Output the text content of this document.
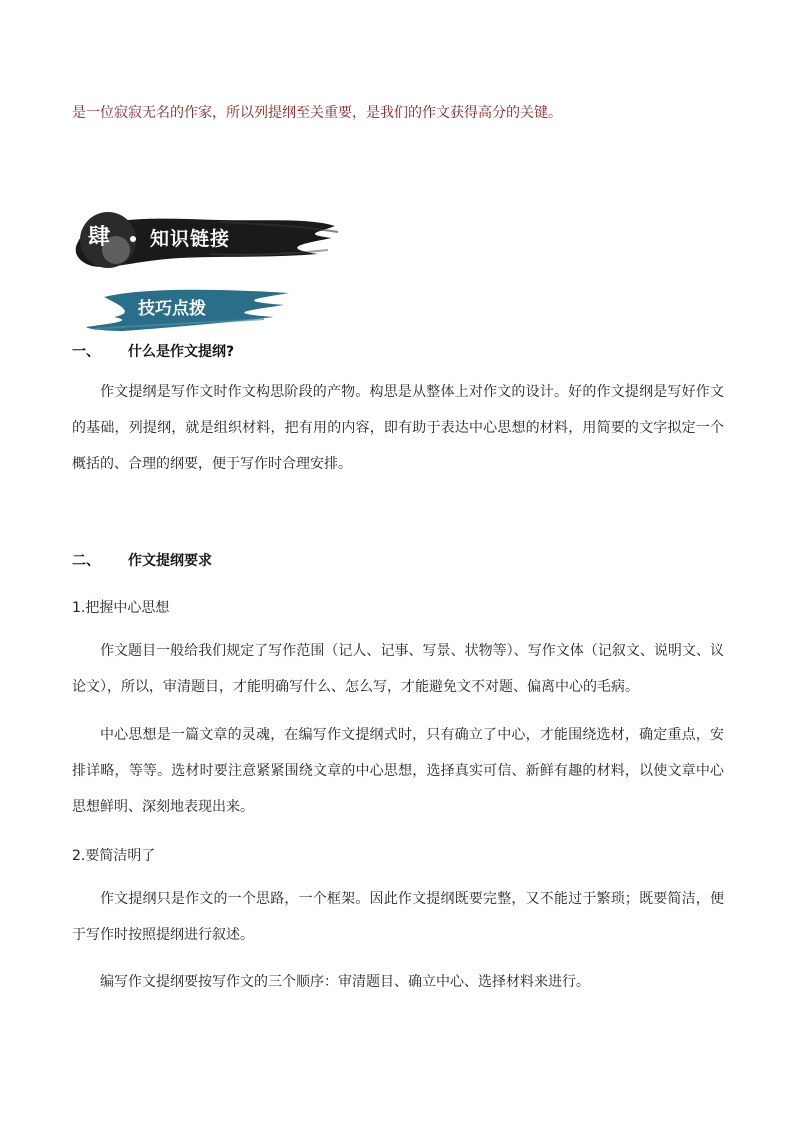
是一位寂寂无名的作家，所以列提纲至关重要，是我们的作文获得高分的关键。
肆 知识链接
技巧点拨
一、 什么是作文提纲?
作文提纲是写作文时作文构思阶段的产物。构思是从整体上对作文的设计。好的作文提纲是写好作文的基础，列提纲，就是组织材料，把有用的内容，即有助于表达中心思想的材料，用简要的文字拟定一个概括的、合理的纲要，便于写作时合理安排。
二、 作文提纲要求
1.把握中心思想
作文题目一般给我们规定了写作范围（记人、记事、写景、状物等）、写作文体（记叙文、说明文、议论文），所以，审清题目，才能明确写什么、怎么写，才能避免文不对题、偏离中心的毛病。
中心思想是一篇文章的灵魂，在编写作文提纲式时，只有确立了中心，才能围绕选材，确定重点，安排详略，等等。选材时要注意紧紧围绕文章的中心思想，选择真实可信、新鲜有趣的材料，以使文章中心思想鲜明、深刻地表现出来。
2.要简洁明了
作文提纲只是作文的一个思路，一个框架。因此作文提纲既要完整，又不能过于繁琐；既要简洁，便于写作时按照提纲进行叙述。
编写作文提纲要按写作文的三个顺序：审清题目、确立中心、选择材料来进行。
